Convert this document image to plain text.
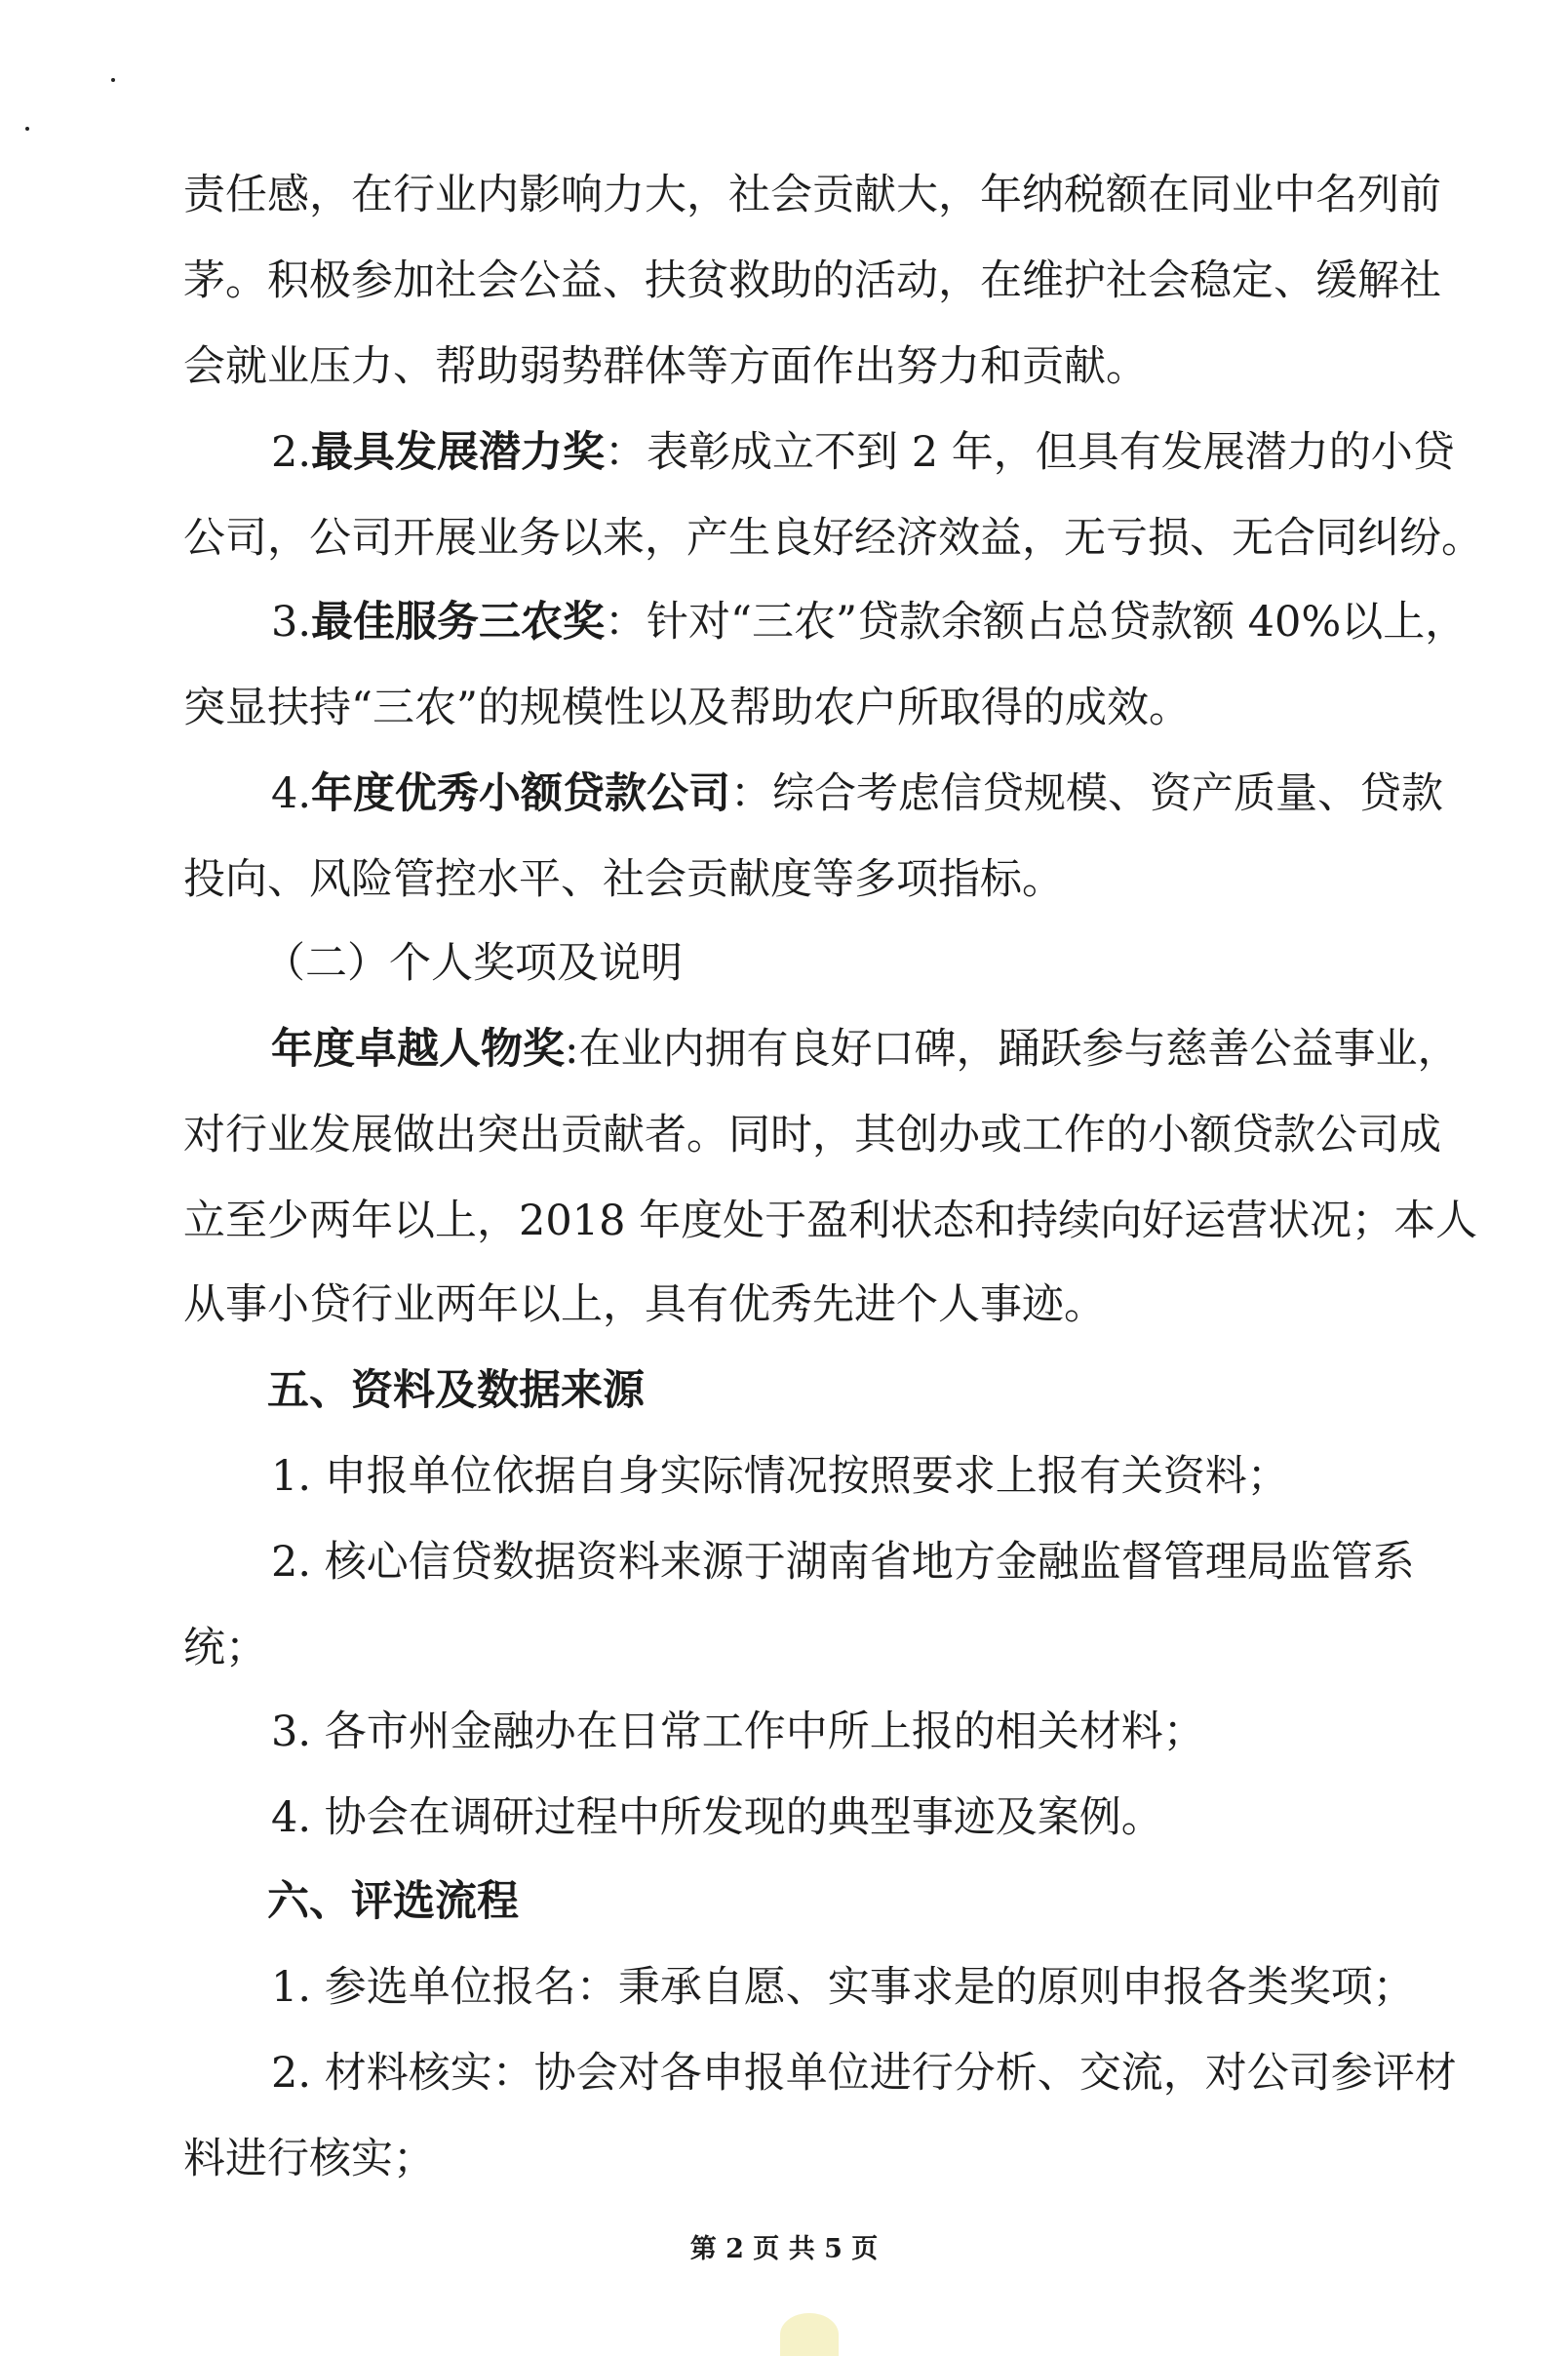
责任感，在行业内影响力大，社会贡献大，年纳税额在同业中名列前
茅。积极参加社会公益、扶贫救助的活动，在维护社会稳定、缓解社
会就业压力、帮助弱势群体等方面作出努力和贡献。
2.最具发展潜力奖：表彰成立不到 2 年，但具有发展潜力的小贷
公司，公司开展业务以来，产生良好经济效益，无亏损、无合同纠纷。
3.最佳服务三农奖：针对“三农”贷款余额占总贷款额 40%以上，
突显扶持“三农”的规模性以及帮助农户所取得的成效。
4.年度优秀小额贷款公司：综合考虑信贷规模、资产质量、贷款
投向、风险管控水平、社会贡献度等多项指标。
（二）个人奖项及说明
年度卓越人物奖:在业内拥有良好口碑，踊跃参与慈善公益事业，
对行业发展做出突出贡献者。同时，其创办或工作的小额贷款公司成
立至少两年以上，2018 年度处于盈利状态和持续向好运营状况；本人
从事小贷行业两年以上，具有优秀先进个人事迹。
五、资料及数据来源
1. 申报单位依据自身实际情况按照要求上报有关资料；
2. 核心信贷数据资料来源于湖南省地方金融监督管理局监管系
统；
3. 各市州金融办在日常工作中所上报的相关材料；
4. 协会在调研过程中所发现的典型事迹及案例。
六、评选流程
1. 参选单位报名：秉承自愿、实事求是的原则申报各类奖项；
2. 材料核实：协会对各申报单位进行分析、交流，对公司参评材
料进行核实；
第 2 页 共 5 页
